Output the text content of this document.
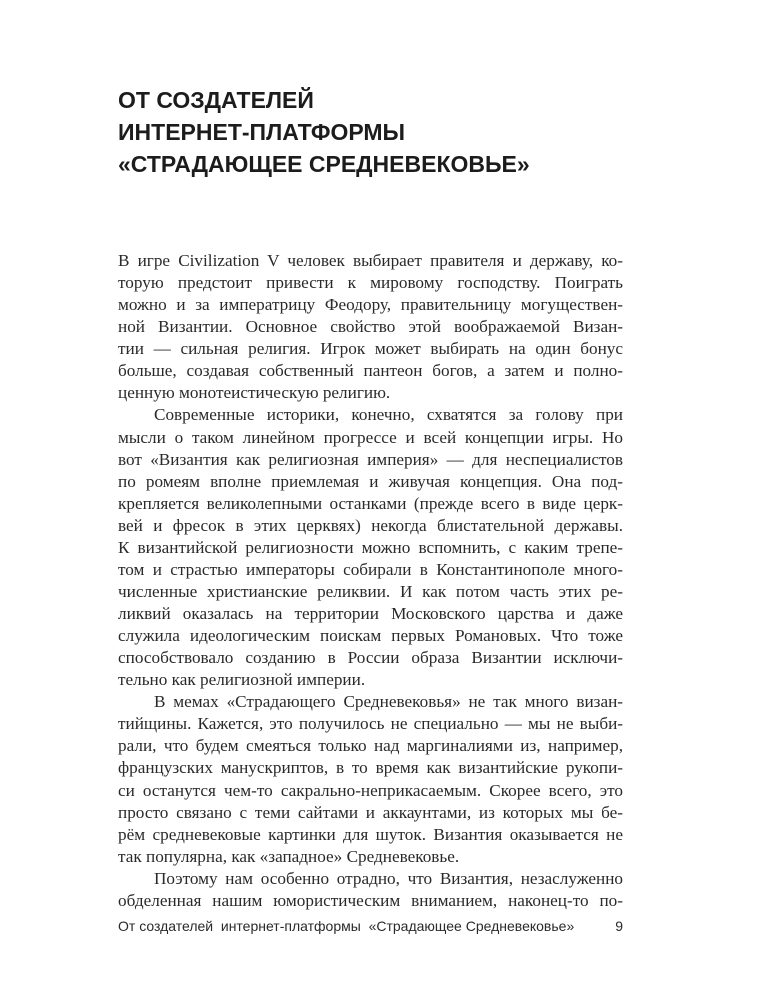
ОТ СОЗДАТЕЛЕЙ
ИНТЕРНЕТ-ПЛАТФОРМЫ
«СТРАДАЮЩЕЕ СРЕДНЕВЕКОВЬЕ»
В игре Civilization V человек выбирает правителя и державу, ко-
торую предстоит привести к мировому господству. Поиграть
можно и за императрицу Феодору, правительницу могуществен-
ной Византии. Основное свойство этой воображаемой Визан-
тии — сильная религия. Игрок может выбирать на один бонус
больше, создавая собственный пантеон богов, а затем и полно-
ценную монотеистическую религию.
Современные историки, конечно, схватятся за голову при
мысли о таком линейном прогрессе и всей концепции игры. Но
вот «Византия как религиозная империя» — для неспециалистов
по ромеям вполне приемлемая и живучая концепция. Она под-
крепляется великолепными останками (прежде всего в виде церк-
вей и фресок в этих церквях) некогда блистательной державы.
К византийской религиозности можно вспомнить, с каким трепе-
том и страстью императоры собирали в Константинополе много-
численные христианские реликвии. И как потом часть этих ре-
ликвий оказалась на территории Московского царства и даже
служила идеологическим поискам первых Романовых. Что тоже
способствовало созданию в России образа Византии исключи-
тельно как религиозной империи.
В мемах «Страдающего Средневековья» не так много визан-
тийщины. Кажется, это получилось не специально — мы не выби-
рали, что будем смеяться только над маргиналиями из, например,
французских манускриптов, в то время как византийские рукопи-
си останутся чем-то сакрально-неприкасаемым. Скорее всего, это
просто связано с теми сайтами и аккаунтами, из которых мы бе-
рём средневековые картинки для шуток. Византия оказывается не
так популярна, как «западное» Средневековье.
Поэтому нам особенно отрадно, что Византия, незаслуженно
обделенная нашим юмористическим вниманием, наконец-то по-
От создателей  интернет-платформы  «Страдающее Средневековье»	9
